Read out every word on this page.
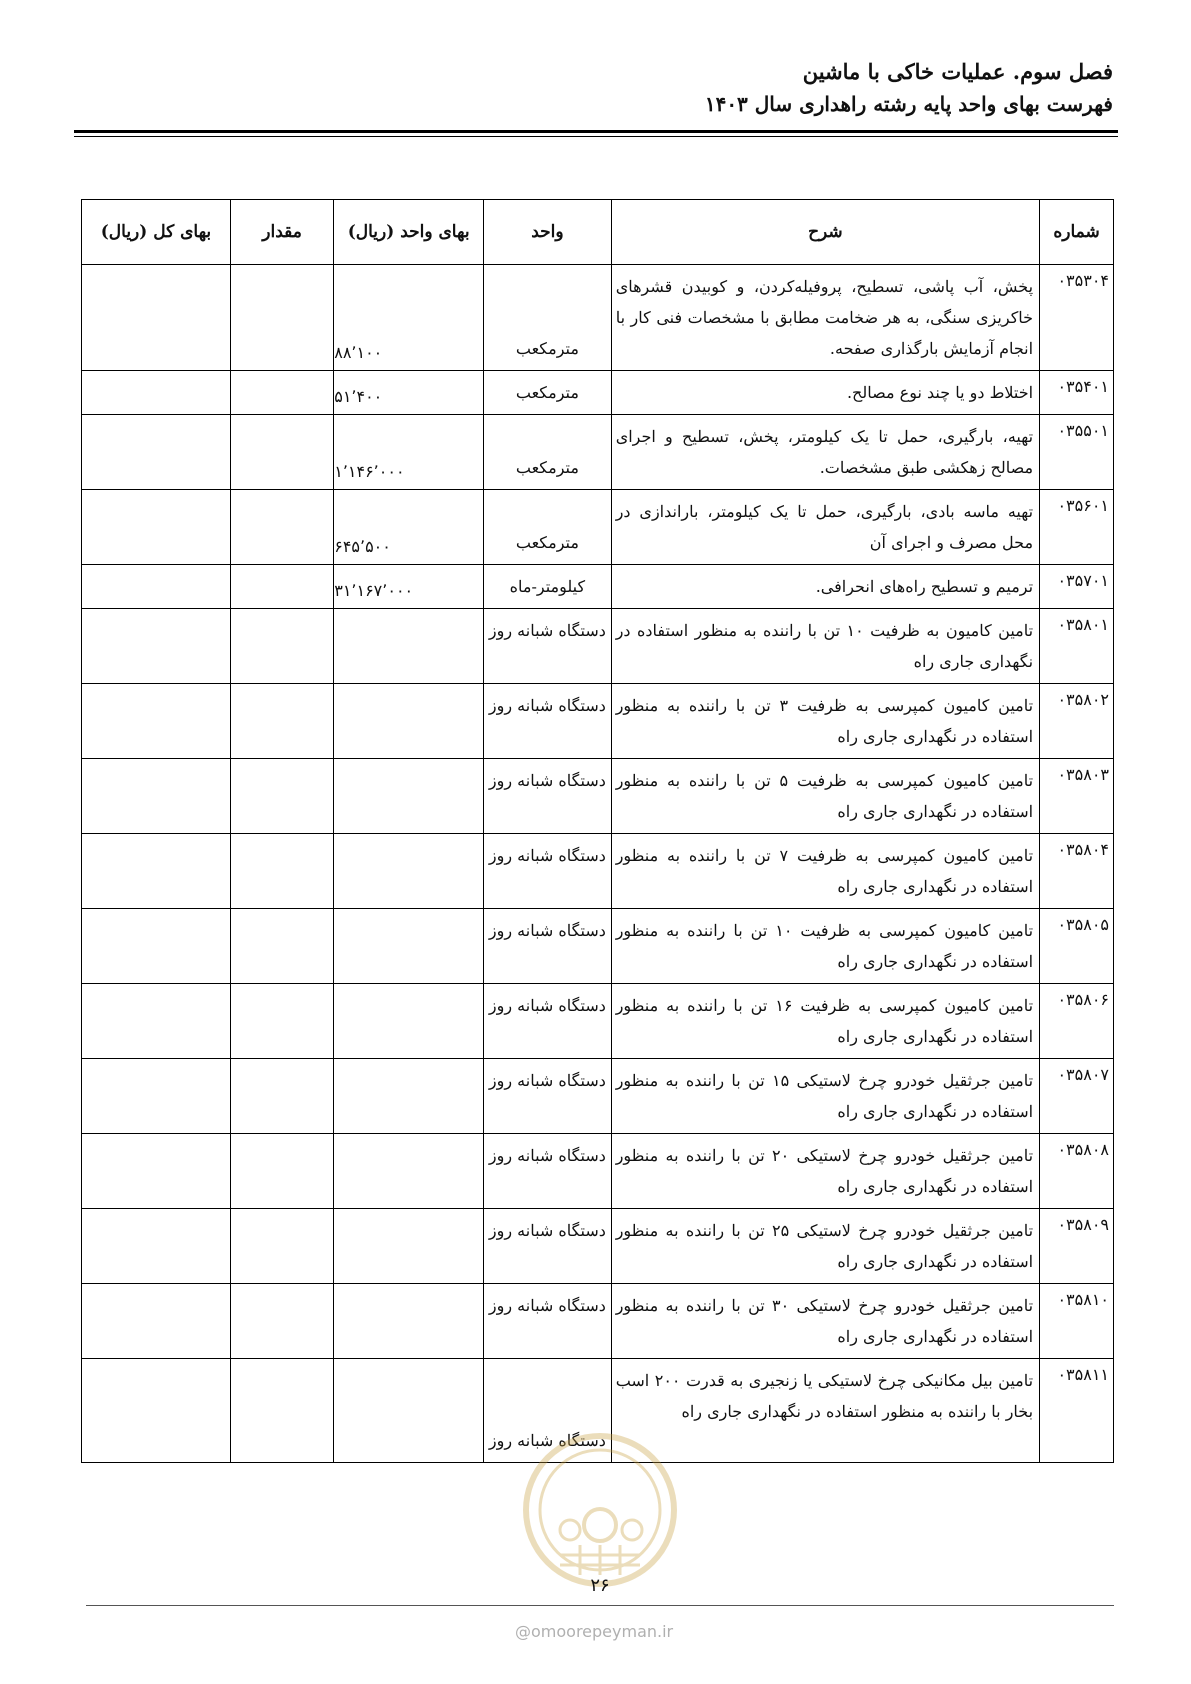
فصل سوم. عملیات خاکی با ماشین
فهرست بهای واحد پایه رشته راهداری سال ۱۴۰۳
شماره	شرح	واحد	بهای واحد (ریال)	مقدار	بهای کل (ریال)
۰۳۵۳۰۴	پخش، آب پاشی، تسطیح، پروفیله‌کردن، و کوبیدن قشرهای خاکریزی سنگی، به هر ضخامت مطابق با مشخصات فنی کار با انجام آزمایش بارگذاری صفحه.	مترمکعب	۸۸٬۱۰۰		
۰۳۵۴۰۱	اختلاط دو یا چند نوع مصالح.	مترمکعب	۵۱٬۴۰۰		
۰۳۵۵۰۱	تهیه، بارگیری، حمل تا یک کیلومتر، پخش، تسطیح و اجرای مصالح زهکشی طبق مشخصات.	مترمکعب	۱٬۱۴۶٬۰۰۰		
۰۳۵۶۰۱	تهیه ماسه بادی، بارگیری، حمل تا یک کیلومتر، باراندازی در محل مصرف و اجرای آن	مترمکعب	۶۴۵٬۵۰۰		
۰۳۵۷۰۱	ترمیم و تسطیح راه‌های انحرافی.	کیلومتر-ماه	۳۱٬۱۶۷٬۰۰۰		
۰۳۵۸۰۱	تامین کامیون به ظرفیت ۱۰ تن با راننده به منظور استفاده در نگهداری جاری راه	دستگاه شبانه روز			
۰۳۵۸۰۲	تامین کامیون کمپرسی به ظرفیت ۳ تن با راننده به منظور استفاده در نگهداری جاری راه	دستگاه شبانه روز			
۰۳۵۸۰۳	تامین کامیون کمپرسی به ظرفیت ۵ تن با راننده به منظور استفاده در نگهداری جاری راه	دستگاه شبانه روز			
۰۳۵۸۰۴	تامین کامیون کمپرسی به ظرفیت ۷ تن با راننده به منظور استفاده در نگهداری جاری راه	دستگاه شبانه روز			
۰۳۵۸۰۵	تامین کامیون کمپرسی به ظرفیت ۱۰ تن با راننده به منظور استفاده در نگهداری جاری راه	دستگاه شبانه روز			
۰۳۵۸۰۶	تامین کامیون کمپرسی به ظرفیت ۱۶ تن با راننده به منظور استفاده در نگهداری جاری راه	دستگاه شبانه روز			
۰۳۵۸۰۷	تامین جرثقیل خودرو چرخ لاستیکی ۱۵ تن با راننده به منظور استفاده در نگهداری جاری راه	دستگاه شبانه روز			
۰۳۵۸۰۸	تامین جرثقیل خودرو چرخ لاستیکی ۲۰ تن با راننده به منظور استفاده در نگهداری جاری راه	دستگاه شبانه روز			
۰۳۵۸۰۹	تامین جرثقیل خودرو چرخ لاستیکی ۲۵ تن با راننده به منظور استفاده در نگهداری جاری راه	دستگاه شبانه روز			
۰۳۵۸۱۰	تامین جرثقیل خودرو چرخ لاستیکی ۳۰ تن با راننده به منظور استفاده در نگهداری جاری راه	دستگاه شبانه روز			
۰۳۵۸۱۱	تامین بیل مکانیکی چرخ لاستیکی یا زنجیری به قدرت ۲۰۰ اسب بخار با راننده به منظور استفاده در نگهداری جاری راه	دستگاه شبانه روز			
۲۶
@omoorepeyman.ir
